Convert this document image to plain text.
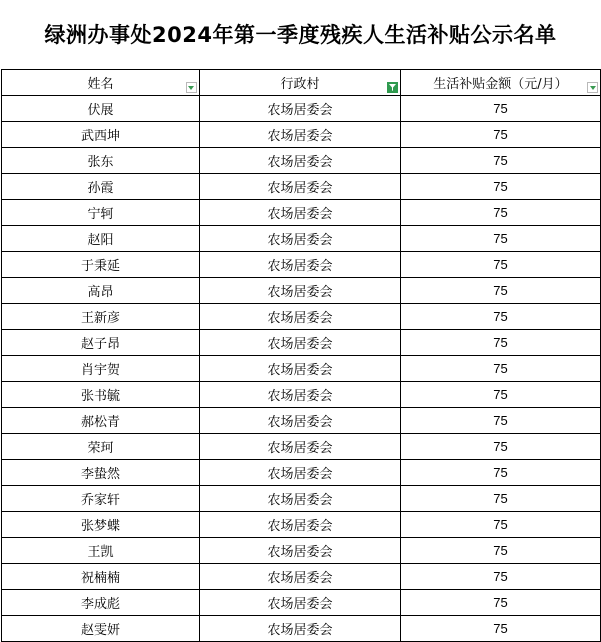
绿洲办事处2024年第一季度残疾人生活补贴公示名单
姓名	行政村	生活补贴金额（元/月）

伏展	农场居委会	75
武西坤	农场居委会	75
张东	农场居委会	75
孙霞	农场居委会	75
宁轲	农场居委会	75
赵阳	农场居委会	75
于秉延	农场居委会	75
高昂	农场居委会	75
王新彦	农场居委会	75
赵子昂	农场居委会	75
肖宇贺	农场居委会	75
张书毓	农场居委会	75
郝松青	农场居委会	75
荣珂	农场居委会	75
李蛰然	农场居委会	75
乔家轩	农场居委会	75
张梦蝶	农场居委会	75
王凯	农场居委会	75
祝楠楠	农场居委会	75
李成彪	农场居委会	75
赵雯妍	农场居委会	75
